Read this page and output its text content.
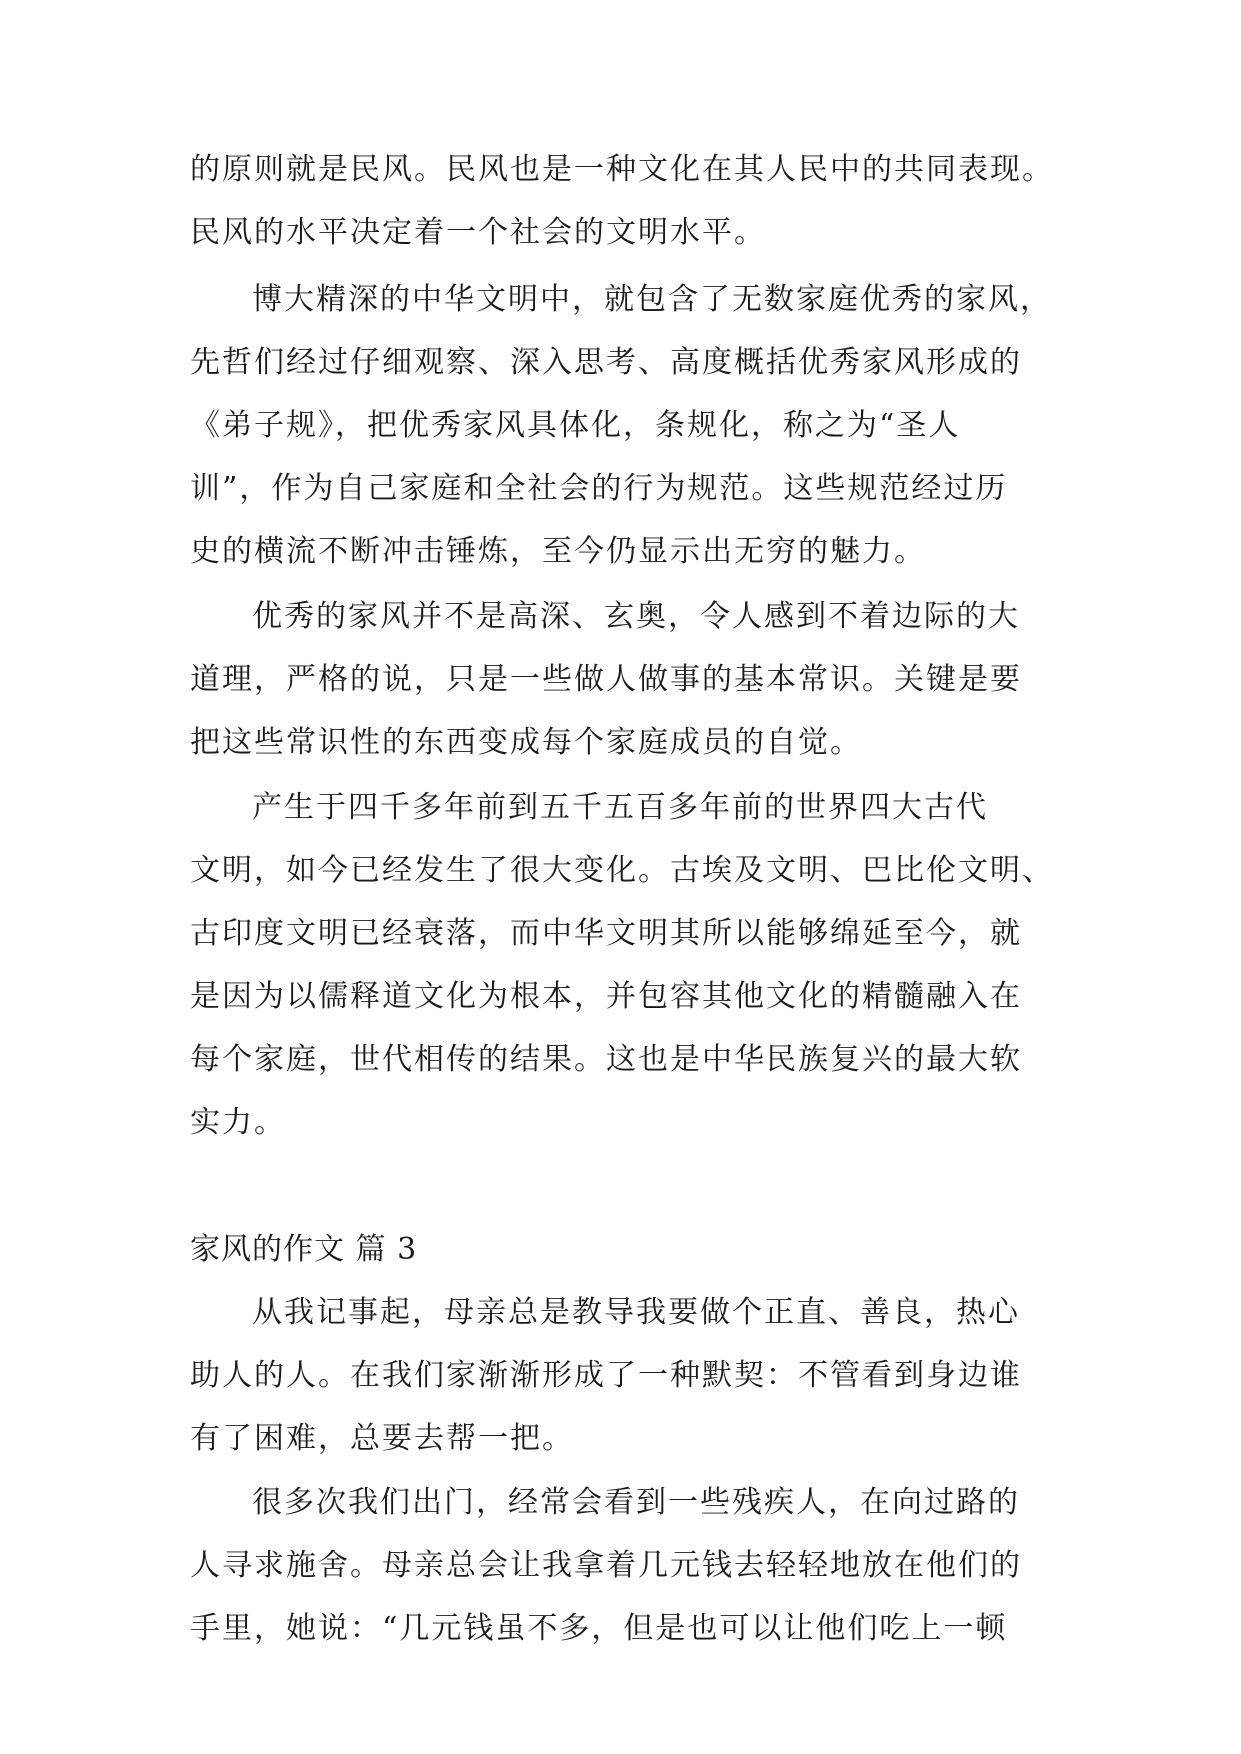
的原则就是民风。民风也是一种文化在其人民中的共同表现。
民风的水平决定着一个社会的文明水平。
博大精深的中华文明中，就包含了无数家庭优秀的家风，
先哲们经过仔细观察、深入思考、高度概括优秀家风形成的
《弟子规》，把优秀家风具体化，条规化，称之为“圣人
训”，作为自己家庭和全社会的行为规范。这些规范经过历
史的横流不断冲击锤炼，至今仍显示出无穷的魅力。
优秀的家风并不是高深、玄奥，令人感到不着边际的大
道理，严格的说，只是一些做人做事的基本常识。关键是要
把这些常识性的东西变成每个家庭成员的自觉。
产生于四千多年前到五千五百多年前的世界四大古代
文明，如今已经发生了很大变化。古埃及文明、巴比伦文明、
古印度文明已经衰落，而中华文明其所以能够绵延至今，就
是因为以儒释道文化为根本，并包容其他文化的精髓融入在
每个家庭，世代相传的结果。这也是中华民族复兴的最大软
实力。
家风的作文 篇 3
从我记事起，母亲总是教导我要做个正直、善良，热心
助人的人。在我们家渐渐形成了一种默契：不管看到身边谁
有了困难，总要去帮一把。
很多次我们出门，经常会看到一些残疾人，在向过路的
人寻求施舍。母亲总会让我拿着几元钱去轻轻地放在他们的
手里，她说：“几元钱虽不多，但是也可以让他们吃上一顿
